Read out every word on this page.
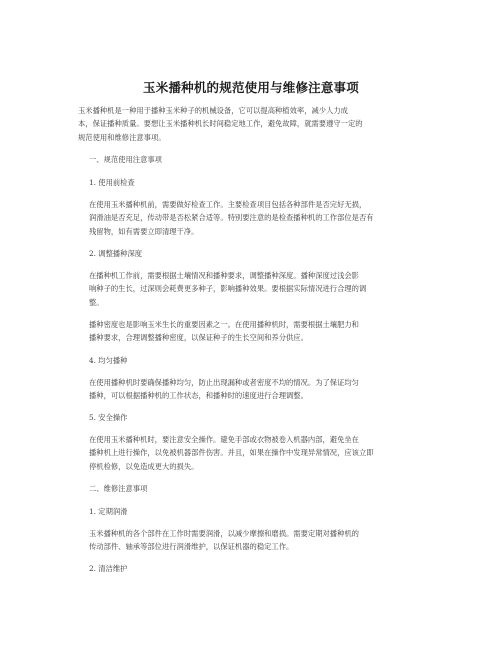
玉米播种机的规范使用与维修注意事项

玉米播种机是一种用于播种玉米种子的机械设备，它可以提高种植效率，减少人力成
本，保证播种质量。要想让玉米播种机长时间稳定地工作，避免故障，就需要遵守一定的
规范使用和维修注意事项。

一、规范使用注意事项
1. 使用前检查

在使用玉米播种机前，需要做好检查工作。主要检查项目包括各种部件是否完好无损，
润滑油是否充足，传动带是否松紧合适等。特别要注意的是检查播种机的工作部位是否有
残留物，如有需要立即清理干净。

2. 调整播种深度

在播种机工作前，需要根据土壤情况和播种要求，调整播种深度。播种深度过浅会影
响种子的生长，过深则会耗费更多种子，影响播种效果。要根据实际情况进行合理的调
整。

播种密度也是影响玉米生长的重要因素之一。在使用播种机时，需要根据土壤肥力和
播种要求，合理调整播种密度，以保证种子的生长空间和养分供应。

4. 均匀播种

在使用播种机时要确保播种均匀，防止出现漏种或者密度不均的情况。为了保证均匀
播种，可以根据播种机的工作状态，和播种时的速度进行合理调整。

5. 安全操作

在使用玉米播种机时，要注意安全操作。避免手部或衣物被卷入机器内部，避免坐在
播种机上进行操作，以免被机器部件伤害。并且，如果在操作中发现异常情况，应该立即
停机检修，以免造成更大的损失。

二、维修注意事项
1. 定期润滑

玉米播种机的各个部件在工作时需要润滑，以减少摩擦和磨损。需要定期对播种机的
传动部件、轴承等部位进行润滑维护，以保证机器的稳定工作。

2. 清洁维护
